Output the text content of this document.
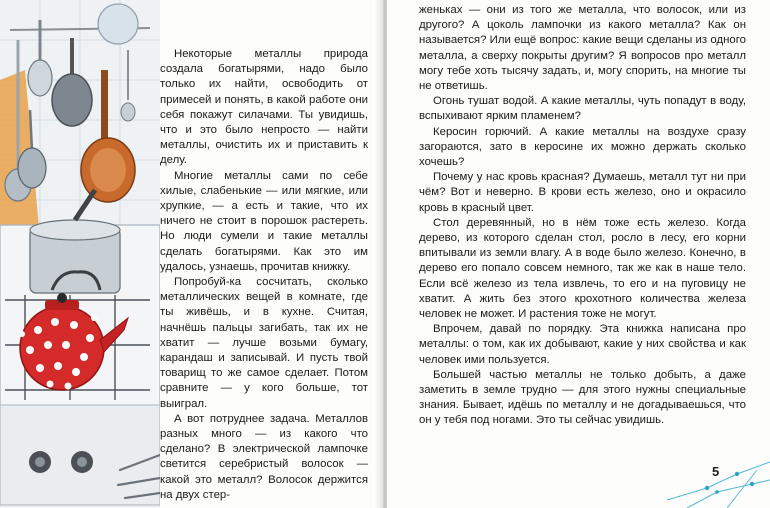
Некоторые металлы природа создала богатырями, надо было только их найти, освободить от примесей и понять, в какой работе они себя покажут силачами. Ты увидишь, что и это было непросто — найти металлы, очистить их и приставить к делу.

Многие металлы сами по себе хилые, слабенькие — или мягкие, или хрупкие, — а есть и такие, что их ничего не стоит в порошок растереть. Но люди сумели и такие металлы сделать богатырями. Как это им удалось, узнаешь, прочитав книжку.

Попробуй-ка сосчитать, сколько металлических вещей в комнате, где ты живёшь, и в кухне. Считая, начнёшь пальцы загибать, так их не хватит — лучше возьми бумагу, карандаш и записывай. И пусть твой товарищ то же самое сделает. Потом сравните — у кого больше, тот выиграл.

А вот потруднее задача. Металлов разных много — из какого что сделано? В электрической лампочке светится серебристый волосок — какой это металл? Волосок держится на двух стер-

женьках — они из того же металла, что волосок, или из другого? А цоколь лампочки из какого металла? Как он называется? Или ещё вопрос: какие вещи сделаны из одного металла, а сверху покрыты другим? Я вопросов про металл могу тебе хоть тысячу задать, и, могу спорить, на многие ты не ответишь.

Огонь тушат водой. А какие металлы, чуть попадут в воду, вспыхивают ярким пламенем?

Керосин горючий. А какие металлы на воздухе сразу загораются, зато в керосине их можно держать сколько хочешь?

Почему у нас кровь красная? Думаешь, металл тут ни при чём? Вот и неверно. В крови есть железо, оно и окрасило кровь в красный цвет.

Стол деревянный, но в нём тоже есть железо. Когда дерево, из которого сделан стол, росло в лесу, его корни впитывали из земли влагу. А в воде было железо. Конечно, в дерево его попало совсем немного, так же как в наше тело. Если всё железо из тела извлечь, то его и на пуговицу не хватит. А жить без этого крохотного количества железа человек не может. И растения тоже не могут.

Впрочем, давай по порядку. Эта книжка написана про металлы: о том, как их добывают, какие у них свойства и как человек ими пользуется.

Большей частью металлы не только добыть, а даже заметить в земле трудно — для этого нужны специальные знания. Бывает, идёшь по металлу и не догадываешься, что он у тебя под ногами. Это ты сейчас увидишь.

5
